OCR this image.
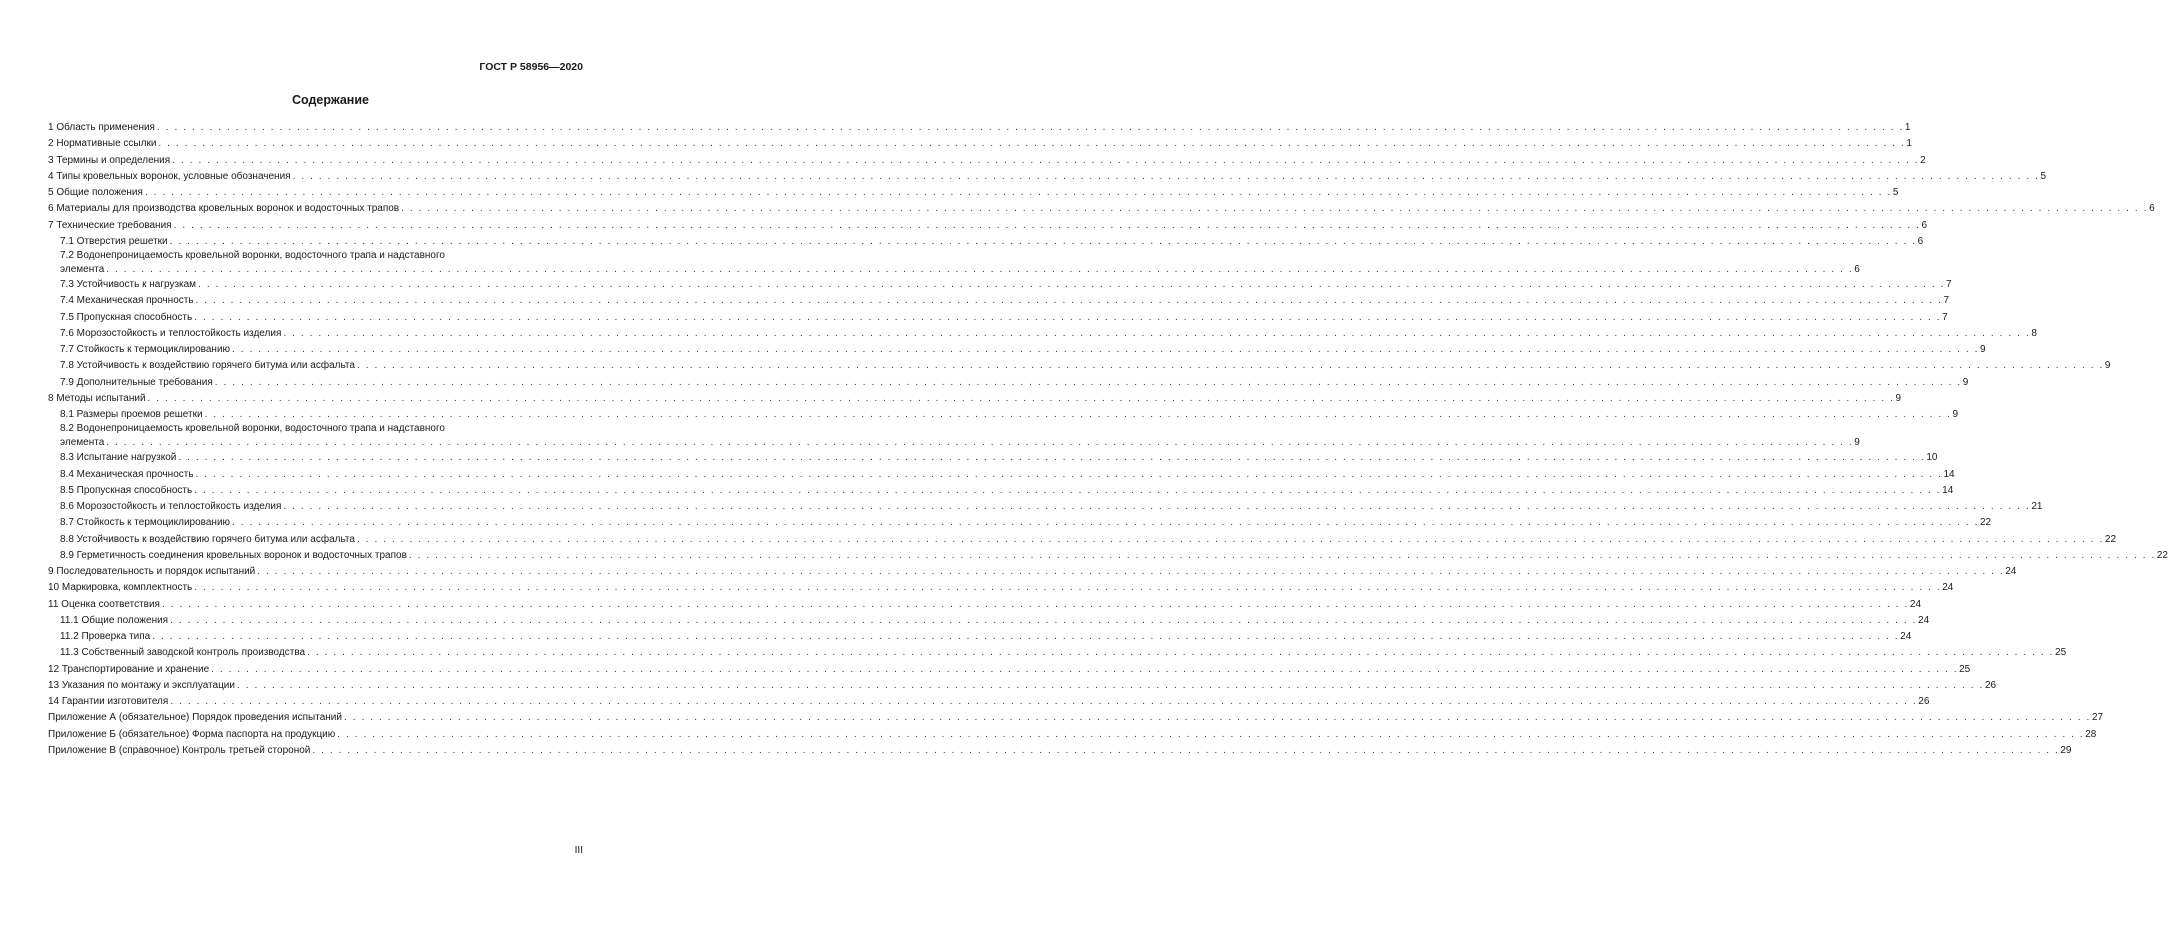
ГОСТ Р 58956—2020
Содержание
1 Область применения . . . . . . . . . . . . . . . . . . . . . . . . . . . . . . . . . . . . . . . . . . . . . . . . . . . . . . . . . . . . . . . . . . . . . . . . . . . . . . . . . . . . . . . . . . . . . . . . . . . . . . . . . . . . . . . . . . . . . . . . . . . . . . . . . . . . . . . . . . . . . . . . . . . . . . . . . . . . . . . . . . . . . . . . . . . . . . . . . . . . . . . . . . . . . . . . . . . . . . . . 1
2 Нормативные ссылки . . . . . . . . . . . . . . . . . . . . . . . . . . . . . . . . . . . . . . . . . . . . . . . . . . . . . . . . . . . . . . . . . . . . . . . . . . . . . . . . . . . . . . . . . . . . . . . . . . . . . . . . . . . . . . . . . . . . . . . . . . . . . . . . . . . . . . . . . . . . . . . . . . . . . . . . . . . . . . . . . . . . . . . . . . . . . . . . . . . . . . . . . . . . . . . . . . . . . . . . 1
3 Термины и определения . . . . . . . . . . . . . . . . . . . . . . . . . . . . . . . . . . . . . . . . . . . . . . . . . . . . . . . . . . . . . . . . . . . . . . . . . . . . . . . . . . . . . . . . . . . . . . . . . . . . . . . . . . . . . . . . . . . . . . . . . . . . . . . . . . . . . . . . . . . . . . . . . . . . . . . . . . . . . . . . . . . . . . . . . . . . . . . . . . . . . . . . . . . . . . . . . . . . . . . . 2
4 Типы кровельных воронок, условные обозначения . . . . . . . . . . . . . . . . . . . . . . . . . . . . . . . . . . . . . . . . . . . . . . . . . . . . . . . . . . . . . . . . . . . . . . . . . . . . . . . . . . . . . . . . . . . . . . . . . . . . . . . . . . . . . . . . . . . . . . . . . . . . . . . . . . . . . . . . . . . . . . . . . . . . . . . . . . . . . . . . . . . . . . . . . . . . . . . . . . . . . . . . . . . . . . . . . . . . . . . . 5
5 Общие положения . . . . . . . . . . . . . . . . . . . . . . . . . . . . . . . . . . . . . . . . . . . . . . . . . . . . . . . . . . . . . . . . . . . . . . . . . . . . . . . . . . . . . . . . . . . . . . . . . . . . . . . . . . . . . . . . . . . . . . . . . . . . . . . . . . . . . . . . . . . . . . . . . . . . . . . . . . . . . . . . . . . . . . . . . . . . . . . . . . . . . . . . . . . . . . . . . . . . . . . . 5
6 Материалы для производства кровельных воронок и водосточных трапов . . . . . . . . . . . . . . . . . . . . . . . . . . . . . . . . . . . . . . . . . . . . . . . . . . . . . . . . . . . . . . . . . . . . . . . . . . . . . . . . . . . . . . . . . . . . . . . . . . . . . . . . . . . . . . . . . . . . . . . . . . . . . . . . . . . . . . . . . . . . . . . . . . . . . . . . . . . . . . . . . . . . . . . . . . . . . . . . . . . . . . . . . . . . . . . . . . . . . . . . 6
7 Технические требования . . . . . . . . . . . . . . . . . . . . . . . . . . . . . . . . . . . . . . . . . . . . . . . . . . . . . . . . . . . . . . . . . . . . . . . . . . . . . . . . . . . . . . . . . . . . . . . . . . . . . . . . . . . . . . . . . . . . . . . . . . . . . . . . . . . . . . . . . . . . . . . . . . . . . . . . . . . . . . . . . . . . . . . . . . . . . . . . . . . . . . . . . . . . . . . . . . . . . . . . 6
7.1 Отверстия решетки . . . . . . . . . . . . . . . . . . . . . . . . . . . . . . . . . . . . . . . . . . . . . . . . . . . . . . . . . . . . . . . . . . . . . . . . . . . . . . . . . . . . . . . . . . . . . . . . . . . . . . . . . . . . . . . . . . . . . . . . . . . . . . . . . . . . . . . . . . . . . . . . . . . . . . . . . . . . . . . . . . . . . . . . . . . . . . . . . . . . . . . . . . . . . . . . . . . . . . . . 6
7.2 Водонепроницаемость кровельной воронки, водосточного трапа и надставного
элемента . . . . . . . . . . . . . . . . . . . . . . . . . . . . . . . . . . . . . . . . . . . . . . . . . . . . . . . . . . . . . . . . . . . . . . . . . . . . . . . . . . . . . . . . . . . . . . . . . . . . . . . . . . . . . . . . . . . . . . . . . . . . . . . . . . . . . . . . . . . . . . . . . . . . . . . . . . . . . . . . . . . . . . . . . . . . . . . . . . . . . . . . . . . . . . . . . . . . . . . . 6
7.3 Устойчивость к нагрузкам . . . . . . . . . . . . . . . . . . . . . . . . . . . . . . . . . . . . . . . . . . . . . . . . . . . . . . . . . . . . . . . . . . . . . . . . . . . . . . . . . . . . . . . . . . . . . . . . . . . . . . . . . . . . . . . . . . . . . . . . . . . . . . . . . . . . . . . . . . . . . . . . . . . . . . . . . . . . . . . . . . . . . . . . . . . . . . . . . . . . . . . . . . . . . . . . . . . . . . . . 7
7.4 Механическая прочность . . . . . . . . . . . . . . . . . . . . . . . . . . . . . . . . . . . . . . . . . . . . . . . . . . . . . . . . . . . . . . . . . . . . . . . . . . . . . . . . . . . . . . . . . . . . . . . . . . . . . . . . . . . . . . . . . . . . . . . . . . . . . . . . . . . . . . . . . . . . . . . . . . . . . . . . . . . . . . . . . . . . . . . . . . . . . . . . . . . . . . . . . . . . . . . . . . . . . . . . 7
7.5 Пропускная способность . . . . . . . . . . . . . . . . . . . . . . . . . . . . . . . . . . . . . . . . . . . . . . . . . . . . . . . . . . . . . . . . . . . . . . . . . . . . . . . . . . . . . . . . . . . . . . . . . . . . . . . . . . . . . . . . . . . . . . . . . . . . . . . . . . . . . . . . . . . . . . . . . . . . . . . . . . . . . . . . . . . . . . . . . . . . . . . . . . . . . . . . . . . . . . . . . . . . . . . . 7
7.6 Морозостойкость и теплостойкость изделия . . . . . . . . . . . . . . . . . . . . . . . . . . . . . . . . . . . . . . . . . . . . . . . . . . . . . . . . . . . . . . . . . . . . . . . . . . . . . . . . . . . . . . . . . . . . . . . . . . . . . . . . . . . . . . . . . . . . . . . . . . . . . . . . . . . . . . . . . . . . . . . . . . . . . . . . . . . . . . . . . . . . . . . . . . . . . . . . . . . . . . . . . . . . . . . . . . . . . . . . 8
7.7 Стойкость к термоциклированию . . . . . . . . . . . . . . . . . . . . . . . . . . . . . . . . . . . . . . . . . . . . . . . . . . . . . . . . . . . . . . . . . . . . . . . . . . . . . . . . . . . . . . . . . . . . . . . . . . . . . . . . . . . . . . . . . . . . . . . . . . . . . . . . . . . . . . . . . . . . . . . . . . . . . . . . . . . . . . . . . . . . . . . . . . . . . . . . . . . . . . . . . . . . . . . . . . . . . . . . 9
7.8 Устойчивость к воздействию горячего битума или асфальта . . . . . . . . . . . . . . . . . . . . . . . . . . . . . . . . . . . . . . . . . . . . . . . . . . . . . . . . . . . . . . . . . . . . . . . . . . . . . . . . . . . . . . . . . . . . . . . . . . . . . . . . . . . . . . . . . . . . . . . . . . . . . . . . . . . . . . . . . . . . . . . . . . . . . . . . . . . . . . . . . . . . . . . . . . . . . . . . . . . . . . . . . . . . . . . . . . . . . . . . 9
7.9 Дополнительные требования . . . . . . . . . . . . . . . . . . . . . . . . . . . . . . . . . . . . . . . . . . . . . . . . . . . . . . . . . . . . . . . . . . . . . . . . . . . . . . . . . . . . . . . . . . . . . . . . . . . . . . . . . . . . . . . . . . . . . . . . . . . . . . . . . . . . . . . . . . . . . . . . . . . . . . . . . . . . . . . . . . . . . . . . . . . . . . . . . . . . . . . . . . . . . . . . . . . . . . . . 9
8 Методы испытаний . . . . . . . . . . . . . . . . . . . . . . . . . . . . . . . . . . . . . . . . . . . . . . . . . . . . . . . . . . . . . . . . . . . . . . . . . . . . . . . . . . . . . . . . . . . . . . . . . . . . . . . . . . . . . . . . . . . . . . . . . . . . . . . . . . . . . . . . . . . . . . . . . . . . . . . . . . . . . . . . . . . . . . . . . . . . . . . . . . . . . . . . . . . . . . . . . . . . . . . . 9
8.1 Размеры проемов решетки . . . . . . . . . . . . . . . . . . . . . . . . . . . . . . . . . . . . . . . . . . . . . . . . . . . . . . . . . . . . . . . . . . . . . . . . . . . . . . . . . . . . . . . . . . . . . . . . . . . . . . . . . . . . . . . . . . . . . . . . . . . . . . . . . . . . . . . . . . . . . . . . . . . . . . . . . . . . . . . . . . . . . . . . . . . . . . . . . . . . . . . . . . . . . . . . . . . . . . . . 9
8.2 Водонепроницаемость кровельной воронки, водосточного трапа и надставного
элемента . . . . . . . . . . . . . . . . . . . . . . . . . . . . . . . . . . . . . . . . . . . . . . . . . . . . . . . . . . . . . . . . . . . . . . . . . . . . . . . . . . . . . . . . . . . . . . . . . . . . . . . . . . . . . . . . . . . . . . . . . . . . . . . . . . . . . . . . . . . . . . . . . . . . . . . . . . . . . . . . . . . . . . . . . . . . . . . . . . . . . . . . . . . . . . . . . . . . . . . . 9
8.3 Испытание нагрузкой . . . . . . . . . . . . . . . . . . . . . . . . . . . . . . . . . . . . . . . . . . . . . . . . . . . . . . . . . . . . . . . . . . . . . . . . . . . . . . . . . . . . . . . . . . . . . . . . . . . . . . . . . . . . . . . . . . . . . . . . . . . . . . . . . . . . . . . . . . . . . . . . . . . . . . . . . . . . . . . . . . . . . . . . . . . . . . . . . . . . . . . . . . . . . . . . . . . . . . . . 10
8.4 Механическая прочность . . . . . . . . . . . . . . . . . . . . . . . . . . . . . . . . . . . . . . . . . . . . . . . . . . . . . . . . . . . . . . . . . . . . . . . . . . . . . . . . . . . . . . . . . . . . . . . . . . . . . . . . . . . . . . . . . . . . . . . . . . . . . . . . . . . . . . . . . . . . . . . . . . . . . . . . . . . . . . . . . . . . . . . . . . . . . . . . . . . . . . . . . . . . . . . . . . . . . . . . 14
8.5 Пропускная способность . . . . . . . . . . . . . . . . . . . . . . . . . . . . . . . . . . . . . . . . . . . . . . . . . . . . . . . . . . . . . . . . . . . . . . . . . . . . . . . . . . . . . . . . . . . . . . . . . . . . . . . . . . . . . . . . . . . . . . . . . . . . . . . . . . . . . . . . . . . . . . . . . . . . . . . . . . . . . . . . . . . . . . . . . . . . . . . . . . . . . . . . . . . . . . . . . . . . . . . . 14
8.6 Морозостойкость и теплостойкость изделия . . . . . . . . . . . . . . . . . . . . . . . . . . . . . . . . . . . . . . . . . . . . . . . . . . . . . . . . . . . . . . . . . . . . . . . . . . . . . . . . . . . . . . . . . . . . . . . . . . . . . . . . . . . . . . . . . . . . . . . . . . . . . . . . . . . . . . . . . . . . . . . . . . . . . . . . . . . . . . . . . . . . . . . . . . . . . . . . . . . . . . . . . . . . . . . . . . . . . . . . 21
8.7 Стойкость к термоциклированию . . . . . . . . . . . . . . . . . . . . . . . . . . . . . . . . . . . . . . . . . . . . . . . . . . . . . . . . . . . . . . . . . . . . . . . . . . . . . . . . . . . . . . . . . . . . . . . . . . . . . . . . . . . . . . . . . . . . . . . . . . . . . . . . . . . . . . . . . . . . . . . . . . . . . . . . . . . . . . . . . . . . . . . . . . . . . . . . . . . . . . . . . . . . . . . . . . . . . . . . 22
8.8 Устойчивость к воздействию горячего битума или асфальта . . . . . . . . . . . . . . . . . . . . . . . . . . . . . . . . . . . . . . . . . . . . . . . . . . . . . . . . . . . . . . . . . . . . . . . . . . . . . . . . . . . . . . . . . . . . . . . . . . . . . . . . . . . . . . . . . . . . . . . . . . . . . . . . . . . . . . . . . . . . . . . . . . . . . . . . . . . . . . . . . . . . . . . . . . . . . . . . . . . . . . . . . . . . . . . . . . . . . . . . 22
8.9 Герметичность соединения кровельных воронок и водосточных трапов . . . . . . . . . . . . . . . . . . . . . . . . . . . . . . . . . . . . . . . . . . . . . . . . . . . . . . . . . . . . . . . . . . . . . . . . . . . . . . . . . . . . . . . . . . . . . . . . . . . . . . . . . . . . . . . . . . . . . . . . . . . . . . . . . . . . . . . . . . . . . . . . . . . . . . . . . . . . . . . . . . . . . . . . . . . . . . . . . . . . . . . . . . . . . . . . . . . . . . . . 22
9 Последовательность и порядок испытаний . . . . . . . . . . . . . . . . . . . . . . . . . . . . . . . . . . . . . . . . . . . . . . . . . . . . . . . . . . . . . . . . . . . . . . . . . . . . . . . . . . . . . . . . . . . . . . . . . . . . . . . . . . . . . . . . . . . . . . . . . . . . . . . . . . . . . . . . . . . . . . . . . . . . . . . . . . . . . . . . . . . . . . . . . . . . . . . . . . . . . . . . . . . . . . . . . . . . . . . . 24
10 Маркировка, комплектность . . . . . . . . . . . . . . . . . . . . . . . . . . . . . . . . . . . . . . . . . . . . . . . . . . . . . . . . . . . . . . . . . . . . . . . . . . . . . . . . . . . . . . . . . . . . . . . . . . . . . . . . . . . . . . . . . . . . . . . . . . . . . . . . . . . . . . . . . . . . . . . . . . . . . . . . . . . . . . . . . . . . . . . . . . . . . . . . . . . . . . . . . . . . . . . . . . . . . . . . 24
11 Оценка соответствия . . . . . . . . . . . . . . . . . . . . . . . . . . . . . . . . . . . . . . . . . . . . . . . . . . . . . . . . . . . . . . . . . . . . . . . . . . . . . . . . . . . . . . . . . . . . . . . . . . . . . . . . . . . . . . . . . . . . . . . . . . . . . . . . . . . . . . . . . . . . . . . . . . . . . . . . . . . . . . . . . . . . . . . . . . . . . . . . . . . . . . . . . . . . . . . . . . . . . . . . 24
11.1 Общие положения . . . . . . . . . . . . . . . . . . . . . . . . . . . . . . . . . . . . . . . . . . . . . . . . . . . . . . . . . . . . . . . . . . . . . . . . . . . . . . . . . . . . . . . . . . . . . . . . . . . . . . . . . . . . . . . . . . . . . . . . . . . . . . . . . . . . . . . . . . . . . . . . . . . . . . . . . . . . . . . . . . . . . . . . . . . . . . . . . . . . . . . . . . . . . . . . . . . . . . . . 24
11.2 Проверка типа . . . . . . . . . . . . . . . . . . . . . . . . . . . . . . . . . . . . . . . . . . . . . . . . . . . . . . . . . . . . . . . . . . . . . . . . . . . . . . . . . . . . . . . . . . . . . . . . . . . . . . . . . . . . . . . . . . . . . . . . . . . . . . . . . . . . . . . . . . . . . . . . . . . . . . . . . . . . . . . . . . . . . . . . . . . . . . . . . . . . . . . . . . . . . . . . . . . . . . . . 24
11.3 Собственный заводской контроль производства . . . . . . . . . . . . . . . . . . . . . . . . . . . . . . . . . . . . . . . . . . . . . . . . . . . . . . . . . . . . . . . . . . . . . . . . . . . . . . . . . . . . . . . . . . . . . . . . . . . . . . . . . . . . . . . . . . . . . . . . . . . . . . . . . . . . . . . . . . . . . . . . . . . . . . . . . . . . . . . . . . . . . . . . . . . . . . . . . . . . . . . . . . . . . . . . . . . . . . . . 25
12 Транспортирование и хранение . . . . . . . . . . . . . . . . . . . . . . . . . . . . . . . . . . . . . . . . . . . . . . . . . . . . . . . . . . . . . . . . . . . . . . . . . . . . . . . . . . . . . . . . . . . . . . . . . . . . . . . . . . . . . . . . . . . . . . . . . . . . . . . . . . . . . . . . . . . . . . . . . . . . . . . . . . . . . . . . . . . . . . . . . . . . . . . . . . . . . . . . . . . . . . . . . . . . . . . . 25
13 Указания по монтажу и эксплуатации . . . . . . . . . . . . . . . . . . . . . . . . . . . . . . . . . . . . . . . . . . . . . . . . . . . . . . . . . . . . . . . . . . . . . . . . . . . . . . . . . . . . . . . . . . . . . . . . . . . . . . . . . . . . . . . . . . . . . . . . . . . . . . . . . . . . . . . . . . . . . . . . . . . . . . . . . . . . . . . . . . . . . . . . . . . . . . . . . . . . . . . . . . . . . . . . . . . . . . . . 26
14 Гарантии изготовителя . . . . . . . . . . . . . . . . . . . . . . . . . . . . . . . . . . . . . . . . . . . . . . . . . . . . . . . . . . . . . . . . . . . . . . . . . . . . . . . . . . . . . . . . . . . . . . . . . . . . . . . . . . . . . . . . . . . . . . . . . . . . . . . . . . . . . . . . . . . . . . . . . . . . . . . . . . . . . . . . . . . . . . . . . . . . . . . . . . . . . . . . . . . . . . . . . . . . . . . . 26
Приложение А (обязательное) Порядок проведения испытаний . . . . . . . . . . . . . . . . . . . . . . . . . . . . . . . . . . . . . . . . . . . . . . . . . . . . . . . . . . . . . . . . . . . . . . . . . . . . . . . . . . . . . . . . . . . . . . . . . . . . . . . . . . . . . . . . . . . . . . . . . . . . . . . . . . . . . . . . . . . . . . . . . . . . . . . . . . . . . . . . . . . . . . . . . . . . . . . . . . . . . . . . . . . . . . . . . . . . . . . . 27
Приложение Б (обязательное) Форма паспорта на продукцию . . . . . . . . . . . . . . . . . . . . . . . . . . . . . . . . . . . . . . . . . . . . . . . . . . . . . . . . . . . . . . . . . . . . . . . . . . . . . . . . . . . . . . . . . . . . . . . . . . . . . . . . . . . . . . . . . . . . . . . . . . . . . . . . . . . . . . . . . . . . . . . . . . . . . . . . . . . . . . . . . . . . . . . . . . . . . . . . . . . . . . . . . . . . . . . . . . . . . . . . 28
Приложение В (справочное) Контроль третьей стороной . . . . . . . . . . . . . . . . . . . . . . . . . . . . . . . . . . . . . . . . . . . . . . . . . . . . . . . . . . . . . . . . . . . . . . . . . . . . . . . . . . . . . . . . . . . . . . . . . . . . . . . . . . . . . . . . . . . . . . . . . . . . . . . . . . . . . . . . . . . . . . . . . . . . . . . . . . . . . . . . . . . . . . . . . . . . . . . . . . . . . . . . . . . . . . . . . . . . . . . . 29
III
